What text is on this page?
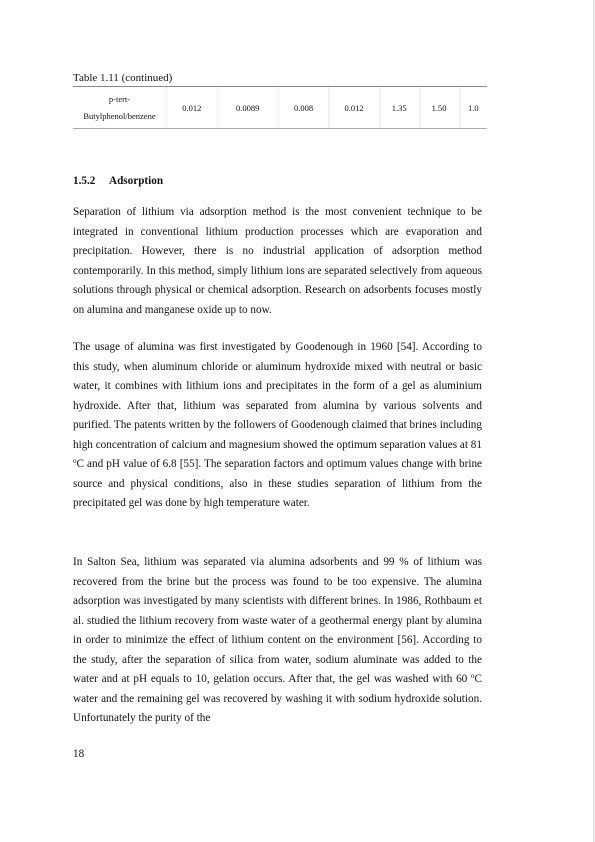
Table 1.11 (continued)
p-tert-
Butylphenol/benzene	0.012	0.0089	0.008	0.012	1.35	1.50	1.0
1.5.2 Adsorption

Separation of lithium via adsorption method is the most convenient technique to be integrated in conventional lithium production processes which are evaporation and precipitation. However, there is no industrial application of adsorption method contemporarily. In this method, simply lithium ions are separated selectively from aqueous solutions through physical or chemical adsorption. Research on adsorbents focuses mostly on alumina and manganese oxide up to now.

The usage of alumina was first investigated by Goodenough in 1960 [54]. According to this study, when aluminum chloride or aluminum hydroxide mixed with neutral or basic water, it combines with lithium ions and precipitates in the form of a gel as aluminium hydroxide. After that, lithium was separated from alumina by various solvents and purified. The patents written by the followers of Goodenough claimed that brines including high concentration of calcium and magnesium showed the optimum separation values at 81 $^o$C and pH value of 6.8 [55]. The separation factors and optimum values change with brine source and physical conditions, also in these studies separation of lithium from the precipitated gel was done by high temperature water.

In Salton Sea, lithium was separated via alumina adsorbents and 99 % of lithium was recovered from the brine but the process was found to be too expensive. The alumina adsorption was investigated by many scientists with different brines. In 1986, Rothbaum et al. studied the lithium recovery from waste water of a geothermal energy plant by alumina in order to minimize the effect of lithium content on the environment [56]. According to the study, after the separation of silica from water, sodium aluminate was added to the water and at pH equals to 10, gelation occurs. After that, the gel was washed with 60 $^o$C water and the remaining gel was recovered by washing it with sodium hydroxide solution. Unfortunately the purity of the

18
